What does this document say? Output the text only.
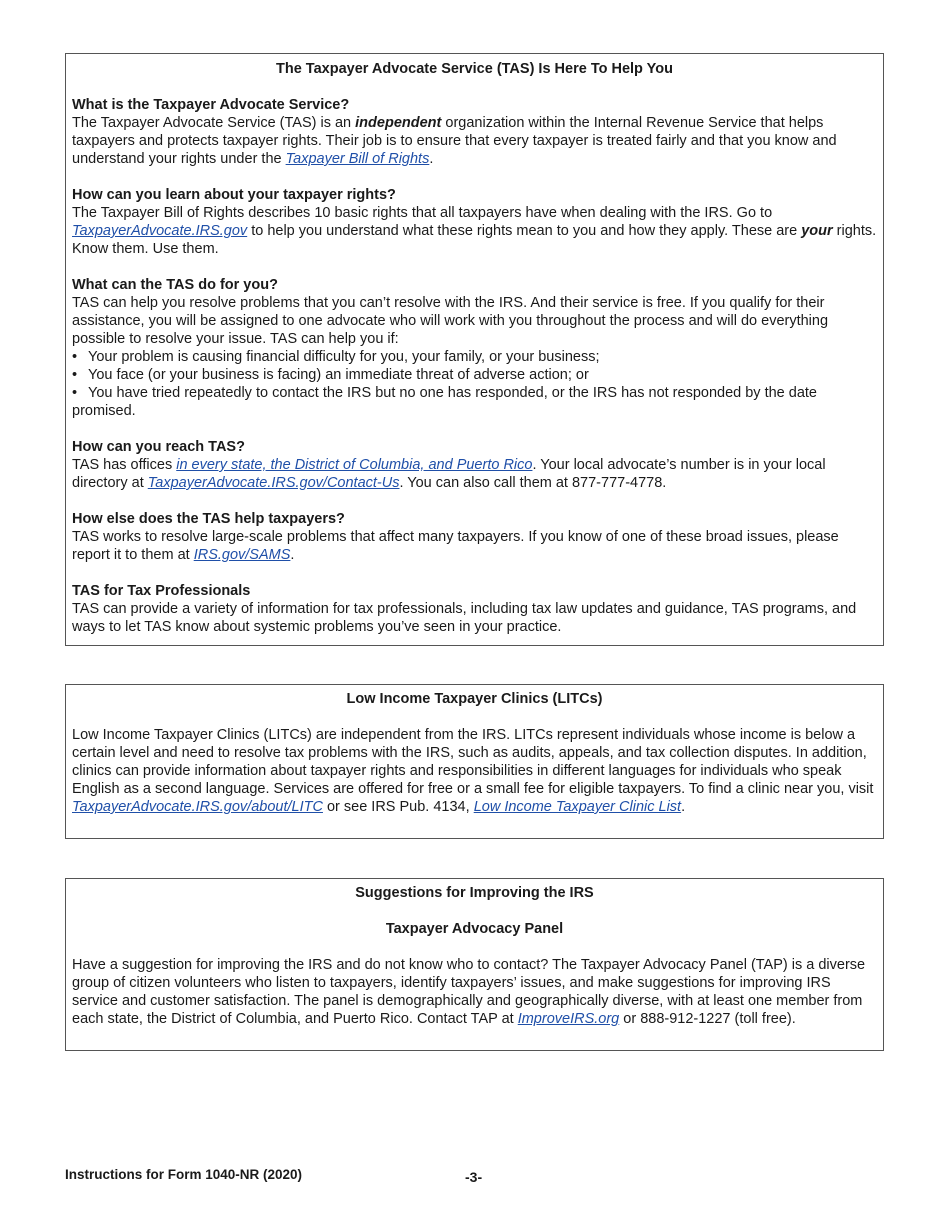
The Taxpayer Advocate Service (TAS) Is Here To Help You

What is the Taxpayer Advocate Service?

The Taxpayer Advocate Service (TAS) is an independent organization within the Internal Revenue Service that helps taxpayers and protects taxpayer rights. Their job is to ensure that every taxpayer is treated fairly and that you know and understand your rights under the Taxpayer Bill of Rights.

How can you learn about your taxpayer rights?

The Taxpayer Bill of Rights describes 10 basic rights that all taxpayers have when dealing with the IRS. Go to TaxpayerAdvocate.IRS.gov to help you understand what these rights mean to you and how they apply. These are your rights. Know them. Use them.

What can the TAS do for you?

TAS can help you resolve problems that you can’t resolve with the IRS. And their service is free. If you qualify for their assistance, you will be assigned to one advocate who will work with you throughout the process and will do everything possible to resolve your issue. TAS can help you if:

• Your problem is causing financial difficulty for you, your family, or your business;

• You face (or your business is facing) an immediate threat of adverse action; or

• You have tried repeatedly to contact the IRS but no one has responded, or the IRS has not responded by the date promised.

How can you reach TAS?

TAS has offices in every state, the District of Columbia, and Puerto Rico. Your local advocate’s number is in your local directory at TaxpayerAdvocate.IRS.gov/Contact-Us. You can also call them at 877-777-4778.

How else does the TAS help taxpayers?

TAS works to resolve large-scale problems that affect many taxpayers. If you know of one of these broad issues, please report it to them at IRS.gov/SAMS.

TAS for Tax Professionals

TAS can provide a variety of information for tax professionals, including tax law updates and guidance, TAS programs, and ways to let TAS know about systemic problems you’ve seen in your practice.

Low Income Taxpayer Clinics (LITCs)

Low Income Taxpayer Clinics (LITCs) are independent from the IRS. LITCs represent individuals whose income is below a certain level and need to resolve tax problems with the IRS, such as audits, appeals, and tax collection disputes. In addition, clinics can provide information about taxpayer rights and responsibilities in different languages for individuals who speak English as a second language. Services are offered for free or a small fee for eligible taxpayers. To find a clinic near you, visit TaxpayerAdvocate.IRS.gov/about/LITC or see IRS Pub. 4134, Low Income Taxpayer Clinic List.

Suggestions for Improving the IRS

Taxpayer Advocacy Panel

Have a suggestion for improving the IRS and do not know who to contact? The Taxpayer Advocacy Panel (TAP) is a diverse group of citizen volunteers who listen to taxpayers, identify taxpayers’ issues, and make suggestions for improving IRS service and customer satisfaction. The panel is demographically and geographically diverse, with at least one member from each state, the District of Columbia, and Puerto Rico. Contact TAP at ImproveIRS.org or 888-912-1227 (toll free).

Instructions for Form 1040-NR (2020)	-3-
